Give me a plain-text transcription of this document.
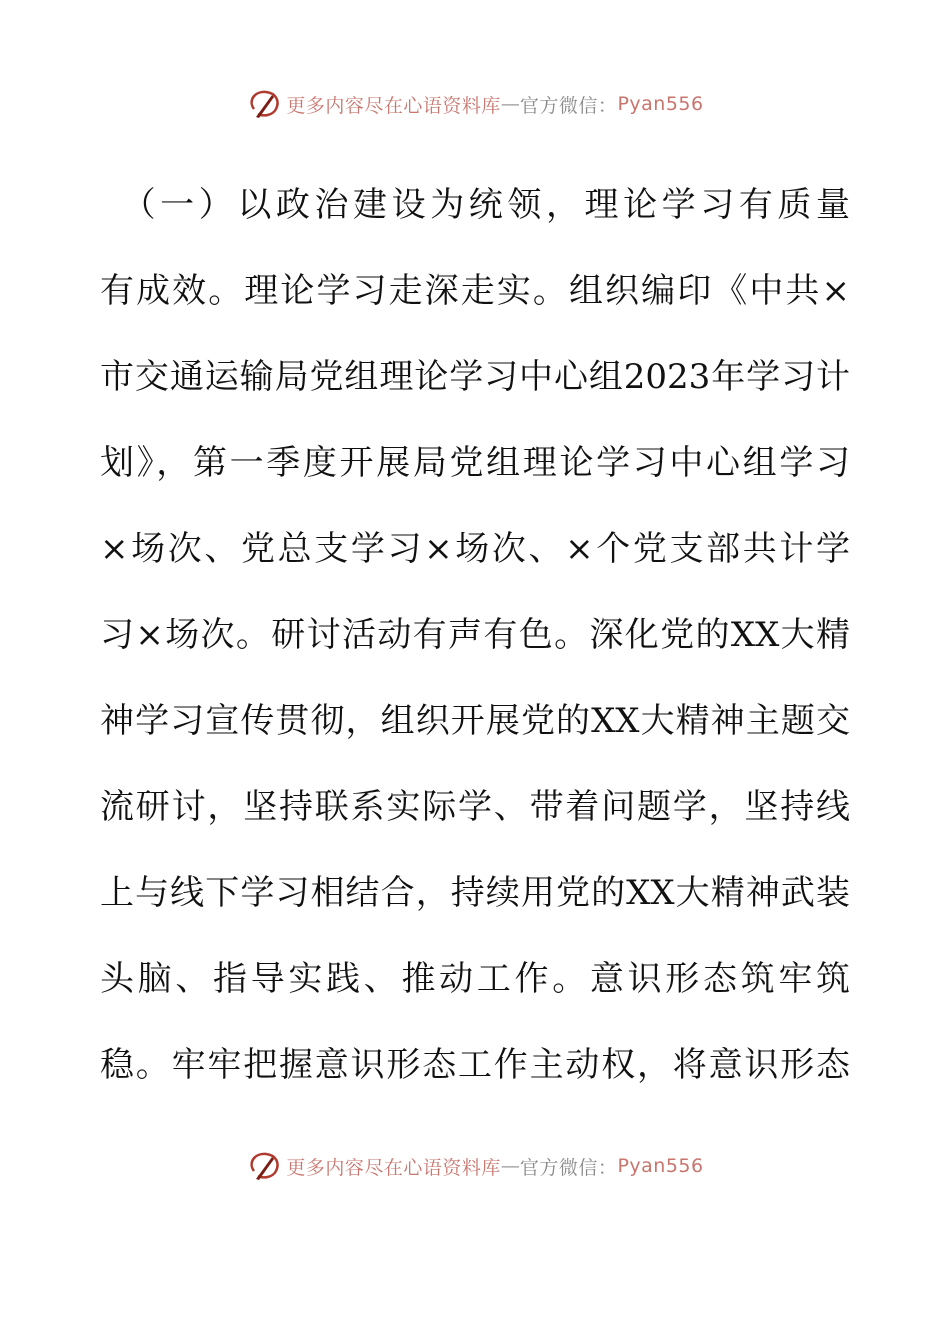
更多内容尽在心语资料库 — 官方微信： Pyan556
　（一）以政治建设为统领，理论学习有质量
有成效。理论学习走深走实。组织编印《中共×
市交通运输局党组理论学习中心组2023年学习计
划》，第一季度开展局党组理论学习中心组学习
×场次、党总支学习×场次、×个党支部共计学
习×场次。研讨活动有声有色。深化党的XX大精
神学习宣传贯彻，组织开展党的XX大精神主题交
流研讨，坚持联系实际学、带着问题学，坚持线
上与线下学习相结合，持续用党的XX大精神武装
头脑、指导实践、推动工作。意识形态筑牢筑
稳。牢牢把握意识形态工作主动权，将意识形态
更多内容尽在心语资料库 — 官方微信： Pyan556
